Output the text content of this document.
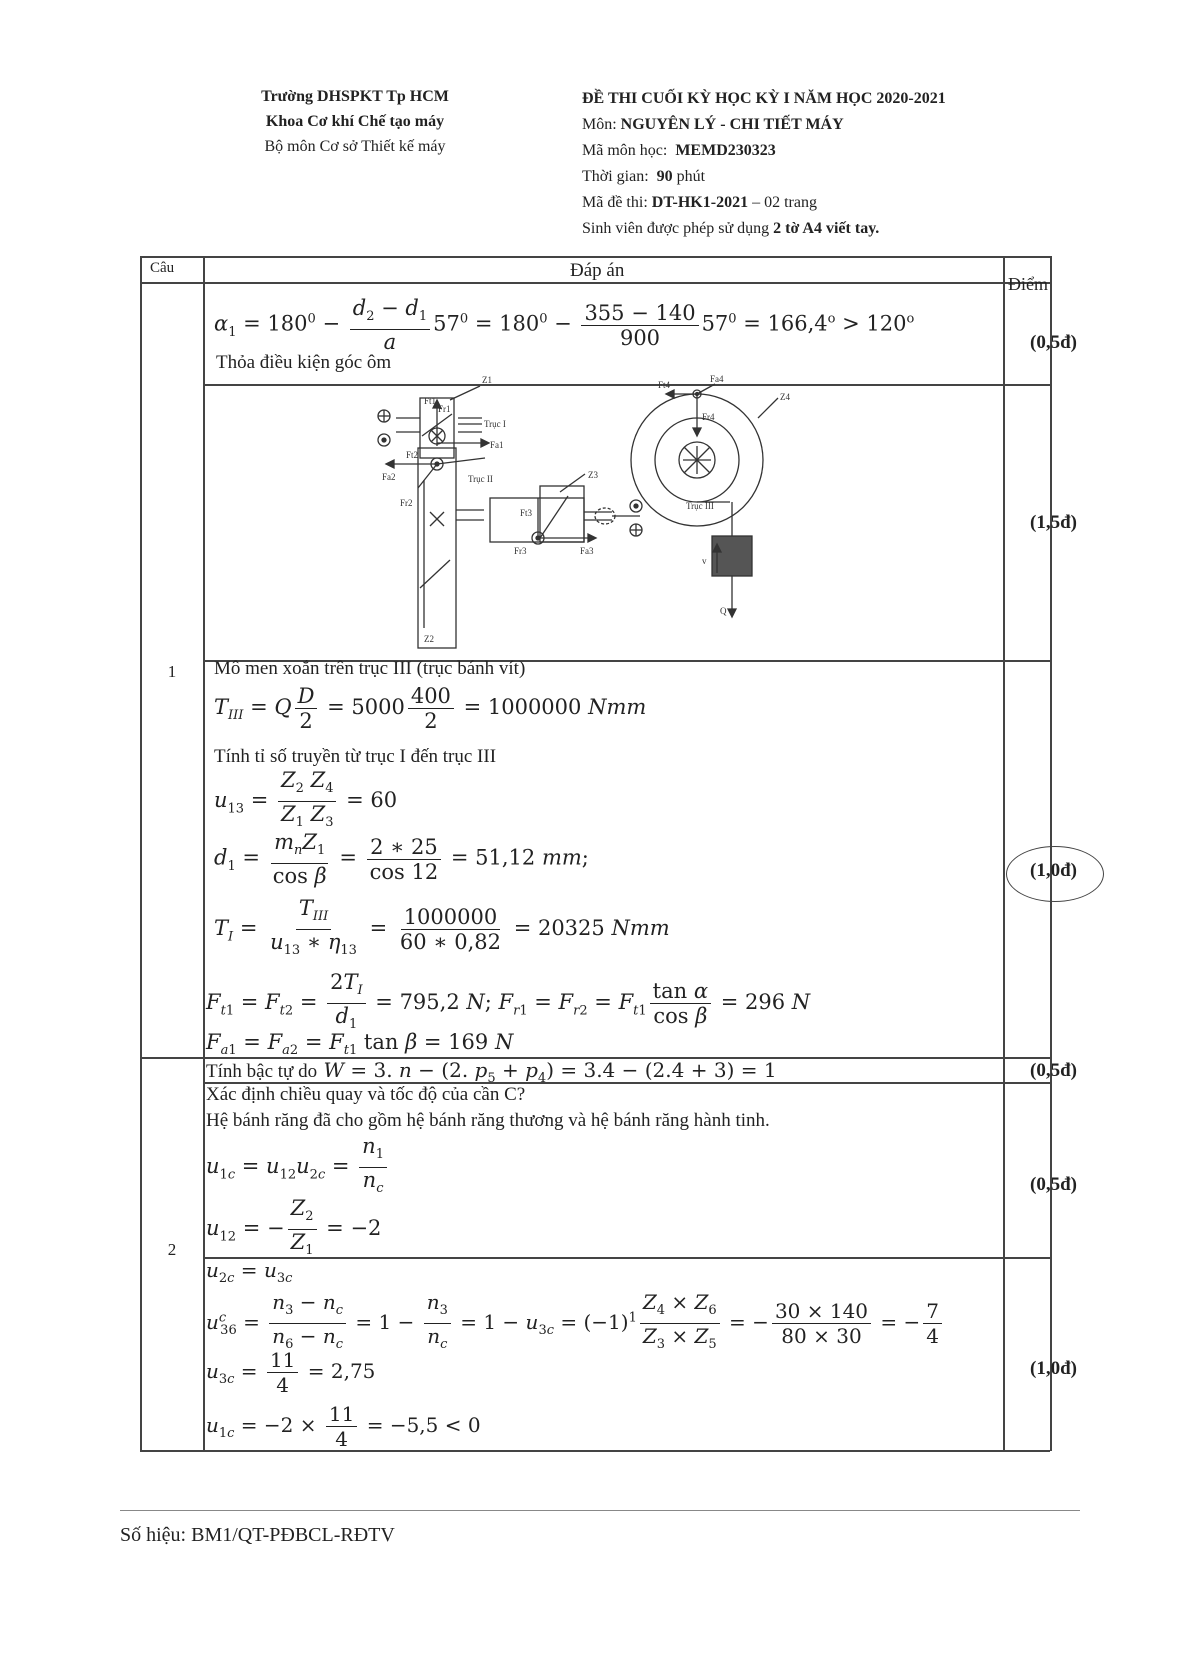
Trường DHSPKT Tp HCM
Khoa Cơ khí Chế tạo máy
Bộ môn Cơ sở Thiết kế máy
ĐỀ THI CUỐI KỲ HỌC KỲ I NĂM HỌC 2020-2021
Môn: NGUYÊN LÝ - CHI TIẾT MÁY
Mã môn học: MEMD230323
Thời gian: 90 phút
Mã đề thi: DT-HK1-2021 – 02 trang
Sinh viên được phép sử dụng 2 tờ A4 viết tay.
Câu	Đáp án
Điểm
1
2
$\alpha_1 = 180^0 - \frac{d_2 - d_1}{a} 57^0 = 180^0 - \frac{355 - 140}{900} 57^0 = 166,4^o > 120^o$
Thỏa điều kiện góc ôm
(0,5đ)
Trục I
Trục II
Trục III
Z1
Z2
Z3
Z4
Ft1
Fr1
Fa1
Ft2
Fa2
Fr2
Ft3
Fa3
Fr3
Ft4
Fa4
Fr4
v
Q
(1,5đ)
Mô men xoắn trên trục III (trục bánh vít)
$T_{III} = Q \frac{D}{2} = 5000 \frac{400}{2} = 1000000$ Nmm
Tính tỉ số truyền từ trục I đến trục III
$u_{13} = \frac{Z_2 Z_4}{Z_1 Z_3} = 60$
$d_1 = \frac{m_nZ_1}{\text{cos β}} = \frac{2 ∗ 25}{\cos 12} = 51,12$ mm;
$T_I = \frac{T_{III}}{u_{13} ∗ \eta_{13}} = \frac{1000000}{60 ∗ 0,82} = 20325$ Nmm
$F_{t1} = F_{t2} = \frac{2T_I}{d_1} = 795,2$ N; $F_{r1} = F_{r2} = F_{t1} \frac{\text{tan α}}{\text{cos β}} = 296$ N
$F_{a1} = F_{a2} = F_{t1}$ tan β = 169 N
(1,0đ)
Tính bậc tự do W = 3. n − (2. $p_5 + p_4) = 3.4 - (2.4 + 3) = 1$	(0,5đ)
Xác định chiều quay và tốc độ của cần C?
Hệ bánh răng đã cho gồm hệ bánh răng thương và hệ bánh răng hành tinh.
$u_{1c} = u_{12}u_{2c} = \frac{n_1}{n_c}$
$u_{12}$ = − $\frac{Z_2}{Z_1} = -2$
(0,5đ)
$u_{2c} = u_{3c}$
$u^c_{36} = \frac{n_3 - n_c}{n_6 - n_c} = 1 - \frac{n_3}{n_c} = 1 - u_{3c} = (-1)^1 \frac{Z_4 \times Z_6}{Z_3 \times Z_5}$ = − $\frac{30 \times 140}{80 \times 30}$ = − $\frac{7}{4}$
$u_{3c} = \frac{11}{4} = 2,75$
$u_{1c} = -2 \times \frac{11}{4} = -5,5 < 0$
(1,0đ)
Số hiệu: BM1/QT-PĐBCL-RĐTV
